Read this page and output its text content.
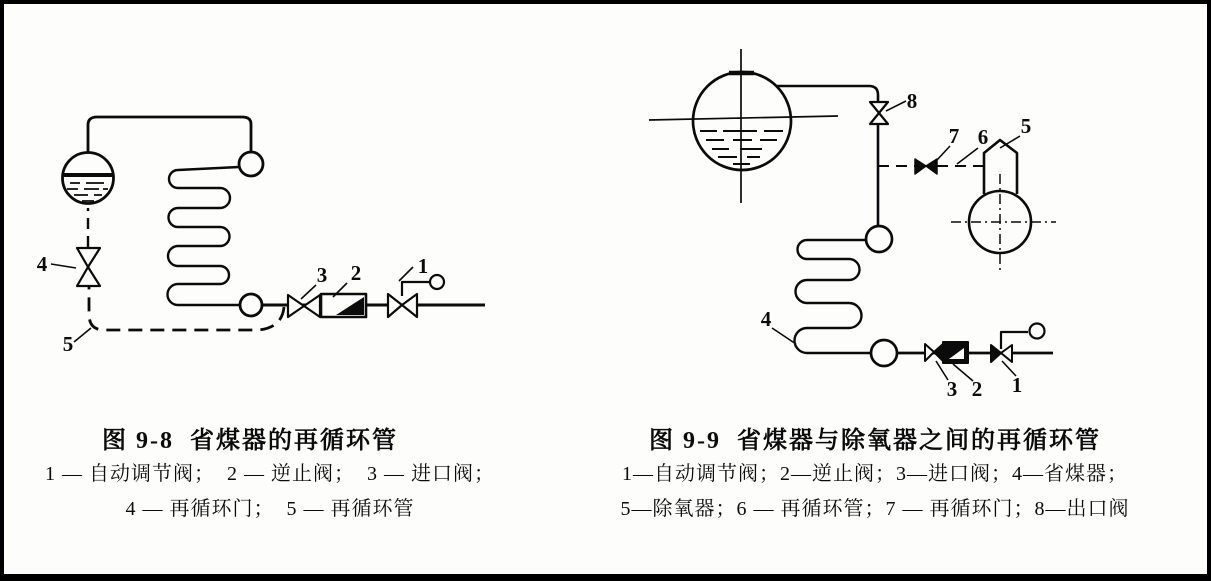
1
2
3
4
5
图 9-8  省煤器的再循环管
1 — 自动调节阀；  2 — 逆止阀；  3 — 进口阀；
4 — 再循环门；  5 — 再循环管
1
2
3
4
5
6
7
8
图 9-9  省煤器与除氧器之间的再循环管
1—自动调节阀；2—逆止阀；3—进口阀；4—省煤器；
5—除氧器；6 — 再循环管；7 — 再循环门；8—出口阀
